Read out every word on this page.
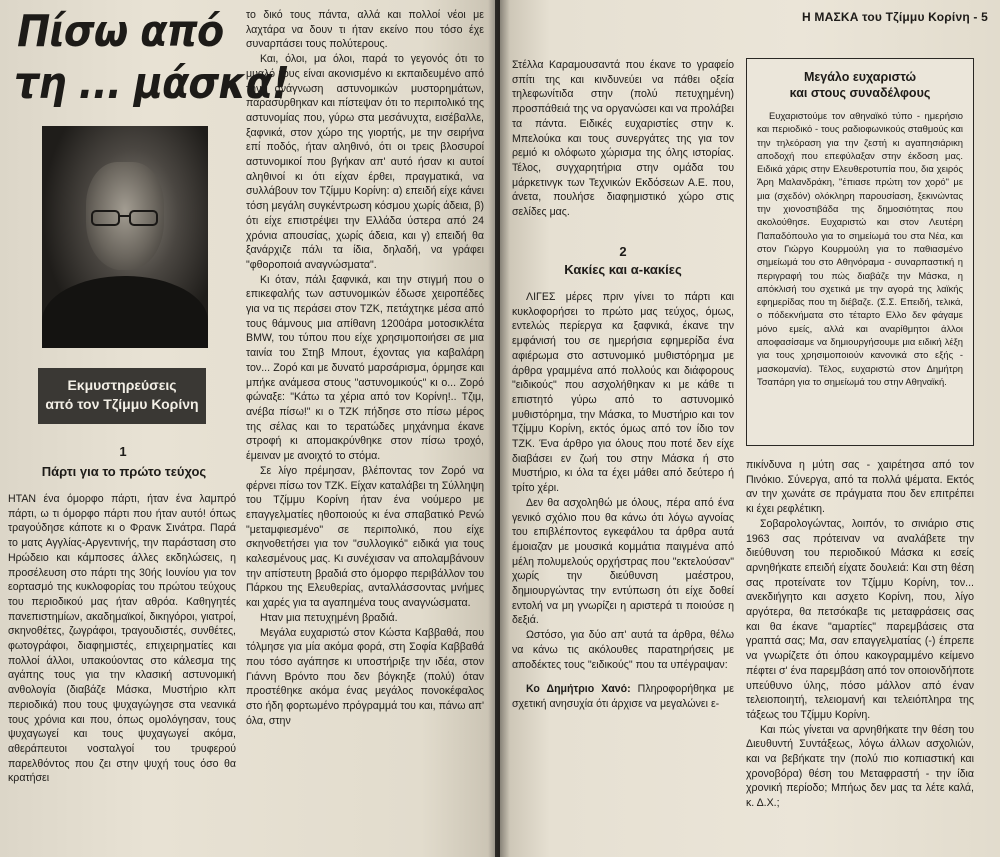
Πίσω από
τη ... μάσκα!
Εκμυστηρεύσεις
από τον Τζίμμυ Κορίνη
1
Πάρτι για το πρώτο τεύχος

ΗΤΑΝ ένα όμορφο πάρτι, ήταν ένα λαμπρό πάρτι, ω τι όμορφο πάρτι που ήταν αυτό! όπως τραγούδησε κάποτε κι ο Φρανκ Σινάτρα. Παρά το ματς Αγγλίας-Αργεντινής, την παράσταση στο Ηρώδειο και κάμποσες άλλες εκδηλώσεις, η προσέλευση στο πάρτι της 30ής Ιουνίου για τον εορτασμό της κυκλοφορίας του πρώτου τεύχους του περιοδικού μας ήταν αθρόα. Καθηγητές πανεπιστημίων, ακαδημαϊκοί, δικηγόροι, γιατροί, σκηνοθέτες, ζωγράφοι, τραγουδιστές, συνθέτες, φωτογράφοι, διαφημιστές, επιχειρηματίες και πολλοί άλλοι, υπακούοντας στο κάλεσμα της αγάπης τους για την κλασική αστυνομική ανθολογία (διαβάζε Μάσκα, Μυστήριο κλπ περιοδικά) που τους ψυχαγώγησε στα νεανικά τους χρόνια και που, όπως ομολόγησαν, τους ψυχαγωγεί και τους ψυχαγωγεί ακόμα, αθεράπευτοι νοσταλγοί του τρυφερού παρελθόντος που ζει στην ψυχή τους όσο θα κρατήσει

το δικό τους πάντα, αλλά και πολλοί νέοι με λαχτάρα να δουν τι ήταν εκείνο που τόσο έχε συναρπάσει τους πολύτερους.

Και, όλοι, μα όλοι, παρά το γεγονός ότι το μυαλό τους είναι ακονισμένο κι εκπαιδευμένο από την ανάγνωση αστυνομικών μυστορημάτων, παρασύρθηκαν και πίστεψαν ότι το περιπολικό της αστυνομίας που, γύρω στα μεσάνυχτα, εισέβαλλε, ξαφνικά, στον χώρο της γιορτής, με την σειρήνα επί ποδός, ήταν αληθινό, ότι οι τρεις βλοσυροί αστυνομικοί που βγήκαν απ' αυτό ήσαν κι αυτοί αληθινοί κι ότι είχαν έρθει, πραγματικά, να συλλάβουν τον Τζίμμυ Κορίνη: α) επειδή είχε κάνει τόση μεγάλη συγκέντρωση κόσμου χωρίς άδεια, β) ότι είχε επιστρέψει την Ελλάδα ύστερα από 24 χρόνια απουσίας, χωρίς άδεια, και γ) επειδή θα ξανάρχιζε πάλι τα ίδια, δηλαδή, να γράφει "φθοροποιά αναγνώσματα".

Κι όταν, πάλι ξαφνικά, και την στιγμή που ο επικεφαλής των αστυνομικών έδωσε χειροπέδες για να τις περάσει στον ΤΖΚ, πετάχτηκε μέσα από τους θάμνους μια απίθανη 1200άρα μοτοσικλέτα BMW, του τύπου που είχε χρησιμοποιήσει σε μια ταινία του Στηβ Μπουτ, έχοντας για καβαλάρη τον... Ζορό και με δυνατό μαρσάρισμα, όρμησε και μπήκε ανάμεσα στους "αστυνομικούς" κι ο... Ζορό φώναξε: "Κάτω τα χέρια από τον Κορίνη!.. Τζιμ, ανέβα πίσω!" κι ο ΤΖΚ πήδησε στο πίσω μέρος της σέλας και το τερατώδες μηχάνημα έκανε στροφή κι απομακρύνθηκε στον πίσω τροχό, έμειναν με ανοιχτό το στόμα.

Σε λίγο πρέμησαν, βλέποντας τον Ζορό να φέρνει πίσω τον ΤΖΚ. Είχαν καταλάβει τη Σύλληψη του Τζίμμυ Κορίνη ήταν ένα νούμερο με επαγγελματίες ηθοποιούς κι ένα σπαβατικό Ρενώ "μεταμφιεσμένο" σε περιπολικό, που είχε σκηνοθετήσει για τον "συλλογικό" ειδικά για τους καλεσμένους μας. Κι συνέχισαν να απολαμβάνουν την απίστευτη βραδιά στο όμορφο περιβάλλον του Πάρκου της Ελευθερίας, ανταλλάσσοντας μνήμες και χαρές για τα αγαπημένα τους αναγνώσματα.

Ηταν μια πετυχημένη βραδιά.

Μεγάλα ευχαριστώ στον Κώστα Καββαθά, που τόλμησε για μία ακόμα φορά, στη Σοφία Καββαθά που τόσο αγάπησε κι υποστήριξε την ιδέα, στον Γιάννη Βρόντο που δεν βόγκηξε (πολύ) όταν προστέθηκε ακόμα ένας μεγάλος πονοκέφαλος στο ήδη φορτωμένο πρόγραμμά του και, πάνω απ' όλα, στην

Η ΜΑΣΚΑ του Τζίμμυ Κορίνη - 5

Στέλλα Καραμουσαντά που έκανε το γραφείο σπίτι της και κινδυνεύει να πάθει οξεία τηλεφωνίτιδα στην (πολύ πετυχημένη) προσπάθειά της να οργανώσει και να προλάβει τα πάντα. Ειδικές ευχαριστίες στην κ. Μπελούκα και τους συνεργάτες της για τον ρεμιό κι ολόφωτο χώρισμα της όλης ιστορίας. Τέλος, συγχαρητήρια στην ομάδα του μάρκετινγκ των Τεχνικών Εκδόσεων Α.Ε. που, άνετα, πουλήσε διαφημιστικό χώρο στις σελίδες μας.

2
Κακίες και α-κακίες

ΛΙΓΕΣ μέρες πριν γίνει το πάρτι και κυκλοφορήσει το πρώτο μας τεύχος, όμως, εντελώς περίεργα κα ξαφνικά, έκανε την εμφάνισή του σε ημερήσια εφημερίδα ένα αφιέρωμα στο αστυνομικό μυθιστόρημα με άρθρα γραμμένα από πολλούς και διάφορους "ειδικούς" που ασχολήθηκαν κι με κάθε τι επιστητό γύρω από το αστυνομικό μυθιστόρημα, την Μάσκα, το Μυστήριο και τον Τζίμμυ Κορίνη, εκτός όμως από τον ίδιο τον ΤΖΚ. Ένα άρθρο για όλους που ποτέ δεν είχε διαβάσει εν ζωή του στην Μάσκα ή στο Μυστήριο, κι όλα τα έχει μάθει από δεύτερο ή τρίτο χέρι.

Δεν θα ασχοληθώ με όλους, πέρα από ένα γενικό σχόλιο που θα κάνω ότι λόγω αγνοίας του επιβλέποντος εγκεφάλου τα άρθρα αυτά έμοιαζαν με μουσικά κομμάτια παιγμένα από μέλη πολυμελούς ορχήστρας που "εκτελούσαν" χωρίς την διεύθυνση μαέστρου, δημιουργώντας την εντύπωση ότι είχε δοθεί εντολή να μη γνωρίζει η αριστερά τι ποιούσε η δεξιά.

Ωστόσο, για δύο απ' αυτά τα άρθρα, θέλω να κάνω τις ακόλουθες παρατηρήσεις με αποδέκτες τους "ειδικούς" που τα υπέγραψαν:

Κο Δημήτριο Χανό: Πληροφορήθηκα με σχετική ανησυχία ότι άρχισε να μεγαλώνει ε-

Μεγάλο ευχαριστώ
και στους συναδέλφους
Ευχαριστούμε τον αθηναϊκό τύπο - ημερήσιο και περιοδικό - τους ραδιοφωνικούς σταθμούς και την τηλεόραση για την ζεστή κι αγαπησιάρικη αποδοχή που επεφύλαξαν στην έκδοση μας. Ειδικά χάρις στην Ελευθεροτυπία που, δια χειρός Άρη Μαλανδράκη, "έπιασε πρώτη τον χορό" με μια (σχεδόν) ολόκληρη παρουσίαση, ξεκινώντας την χιονοστιβάδα της δημοσιότητας που ακολούθησε. Ευχαριστώ και στον Λευτέρη Παπαδόπουλο για το σημείωμά του στα Νέα, και στον Γιώργο Κουρμούλη για το παθιασμένο σημείωμά του στο Αθηνόραμα - συναρπαστική η περιγραφή του πώς διαβάζε την Μάσκα, η απόκλισή του σχετικά με την αγορά της λαϊκής εφημερίδας που τη διέβαζε. (Σ.Σ. Επειδή, τελικά, ο πόδεκνήματα στο τέταρτο Ελλο δεν φάγαμε μόνο εμείς, αλλά και αναρίθμητοι άλλοι αποφασίσαμε να δημιουργήσουμε μια ειδική λέξη για τους χρησιμοποιούν κανονικά στο εξής - μασκομανία). Τέλος, ευχαριστώ στον Δημήτρη Τσαπάρη για το σημείωμά του στην Αθηναϊκή.

πικίνδυνα η μύτη σας - χαιρέτησα από τον Πινόκιο. Σύνεργα, από τα πολλά ψέματα. Εκτός αν την χωνάτε σε πράγματα που δεν επιτρέπει κι έχει ρεφλέτικη.

Σοβαρολογώντας, λοιπόν, το σινιάριο στις 1963 σας πρότειναν να αναλάβετε την διεύθυνση του περιοδικού Μάσκα κι εσείς αρνηθήκατε επειδή είχατε δουλειά: Και στη θέση σας προτείνατε τον Τζίμμυ Κορίνη, τον... ανεκδιήγητο και ασχετο Κορίνη, που, λίγο αργότερα, θα πετσόκαβε τις μεταφράσεις σας και θα έκανε "αμαρτίες" παρεμβάσεις στα γραπτά σας; Μα, σαν επαγγελματίας (-) έπρεπε να γνωρίζετε ότι όπου κακογραμμένο κείμενο πέφτει σ' ένα παρεμβάση από τον οποιονδήποτε υπεύθυνο ύλης, πόσο μάλλον από έναν τελειοποιητή, τελειομανή και τελειόπληρα της τάξεως του Τζίμμυ Κορίνη.

Και πώς γίνεται να αρνηθήκατε την θέση του Διευθυντή Συντάξεως, λόγω άλλων ασχολιών, και να βεβήκατε την (πολύ πιο κοπιαστική και χρονοβόρα) θέση του Μεταφραστή - την ίδια χρονική περίοδο; Μπήως δεν μας τα λέτε καλά, κ. Δ.Χ.;
